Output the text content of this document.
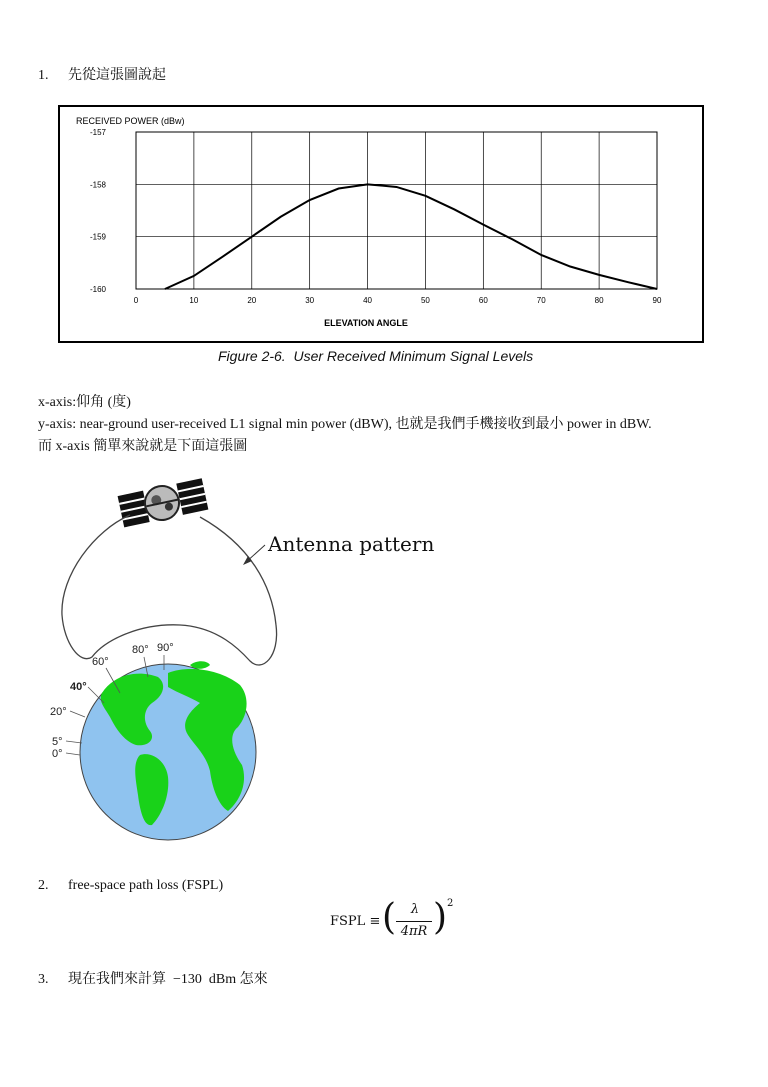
1. 先從這張圖說起
0	10	20	30	40	50	60	70	80	90
-157
-158
-159
-160
RECEIVED POWER (dBw)
ELEVATION ANGLE
Figure 2-6.  User Received Minimum Signal Levels
x-axis:仰角 (度)
y-axis: near-ground user-received L1 signal min power (dBW), 也就是我們手機接收到最小 power in dBW.
而 x-axis 簡單來說就是下面這張圖
Antenna pattern
80° 90°
60°
40°
20°
5°
0°
2. free-space path loss (FSPL)
FSPL ≡ (	λ
4πR ) 2
3. 現在我們來計算  −130  dBm 怎來
